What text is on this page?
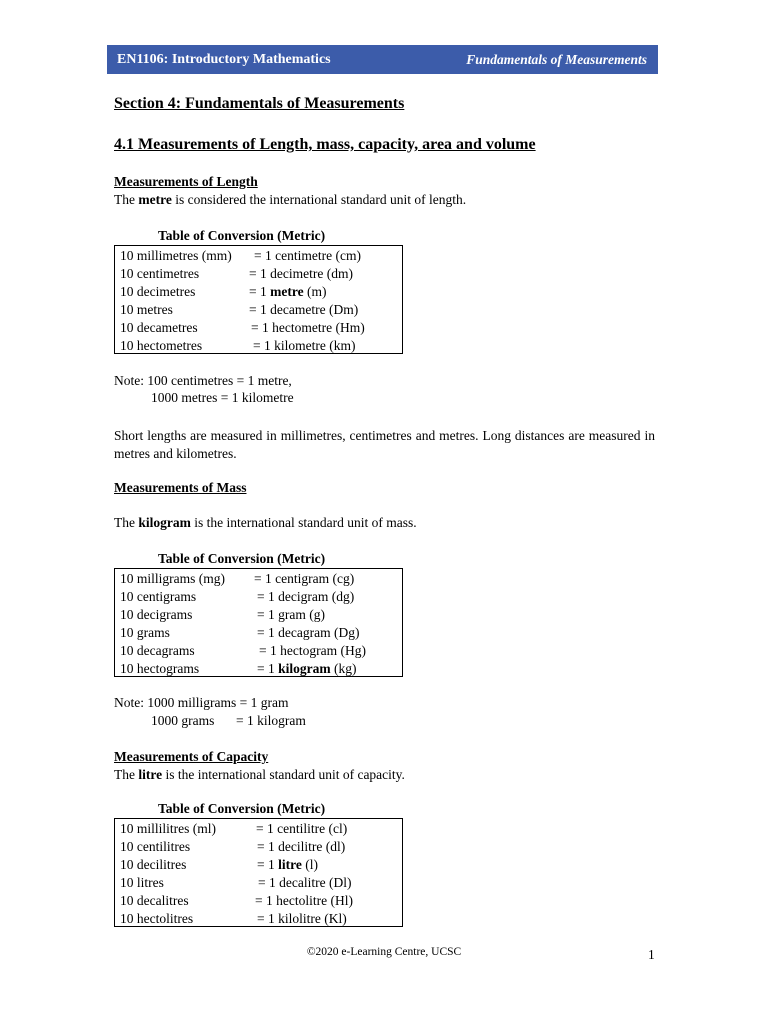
EN1106: Introductory Mathematics	Fundamentals of Measurements
Section 4: Fundamentals of Measurements
4.1 Measurements of Length, mass, capacity, area and volume
Measurements of Length
The metre is considered the international standard unit of length.
Table of Conversion (Metric)
10 millimetres (mm) = 1 centimetre (cm)
10 centimetres	= 1 decimetre (dm)
10 decimetres	= 1 metre (m)
10 metres	= 1 decametre (Dm)
10 decametres	= 1 hectometre (Hm)
10 hectometres	= 1 kilometre (km)
Note: 100 centimetres = 1 metre,
1000 metres = 1 kilometre
Short lengths are measured in millimetres, centimetres and metres. Long distances are measured in metres and kilometres.
Measurements of Mass
The kilogram is the international standard unit of mass.
Table of Conversion (Metric)
10 milligrams (mg) = 1 centigram (cg)
10 centigrams	= 1 decigram (dg)
10 decigrams	= 1 gram (g)
10 grams	= 1 decagram (Dg)
10 decagrams	= 1 hectogram (Hg)
10 hectograms	= 1 kilogram (kg)
Note: 1000 milligrams = 1 gram
1000 grams = 1 kilogram
Measurements of Capacity
The litre is the international standard unit of capacity.
Table of Conversion (Metric)
10 millilitres (ml)	= 1 centilitre (cl)
10 centilitres	= 1 decilitre (dl)
10 decilitres	= 1 litre (l)
10 litres	= 1 decalitre (Dl)
10 decalitres	= 1 hectolitre (Hl)
10 hectolitres	= 1 kilolitre (Kl)
©2020 e-Learning Centre, UCSC	1
